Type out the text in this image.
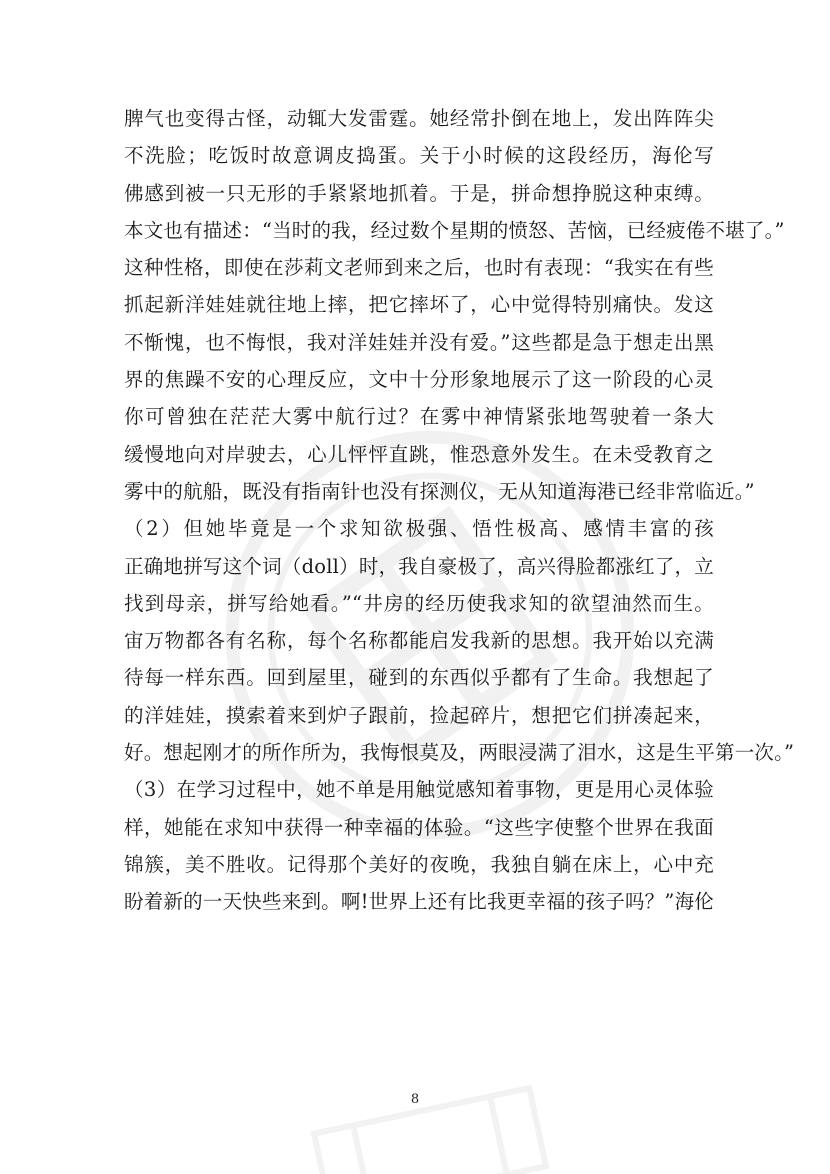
脾气也变得古怪，动辄大发雷霆。她经常扑倒在地上，发出阵阵尖
不洗脸；吃饭时故意调皮捣蛋。关于小时候的这段经历，海伦写
佛感到被一只无形的手紧紧地抓着。于是，拼命想挣脱这种束缚。
本文也有描述：“当时的我，经过数个星期的愤怒、苦恼，已经疲倦不堪了。”
这种性格，即使在莎莉文老师到来之后，也时有表现：“我实在有些
抓起新洋娃娃就往地上摔，把它摔坏了，心中觉得特别痛快。发这
不惭愧，也不悔恨，我对洋娃娃并没有爱。”这些都是急于想走出黑
界的焦躁不安的心理反应，文中十分形象地展示了这一阶段的心灵
你可曾独在茫茫大雾中航行过？在雾中神情紧张地驾驶着一条大
缓慢地向对岸驶去，心儿怦怦直跳，惟恐意外发生。在未受教育之
雾中的航船，既没有指南针也没有探测仪，无从知道海港已经非常临近。”
（2）但她毕竟是一个求知欲极强、悟性极高、感情丰富的孩
正确地拼写这个词（doll）时，我自豪极了，高兴得脸都涨红了，立
找到母亲，拼写给她看。”“井房的经历使我求知的欲望油然而生。
宙万物都各有名称，每个名称都能启发我新的思想。我开始以充满
待每一样东西。回到屋里，碰到的东西似乎都有了生命。我想起了
的洋娃娃，摸索着来到炉子跟前，捡起碎片，想把它们拼凑起来，
好。想起刚才的所作所为，我悔恨莫及，两眼浸满了泪水，这是生平第一次。”
（3）在学习过程中，她不单是用触觉感知着事物，更是用心灵体验
样，她能在求知中获得一种幸福的体验。“这些字使整个世界在我面
锦簇，美不胜收。记得那个美好的夜晚，我独自躺在床上，心中充
盼着新的一天快些来到。啊!世界上还有比我更幸福的孩子吗？”海伦
8
